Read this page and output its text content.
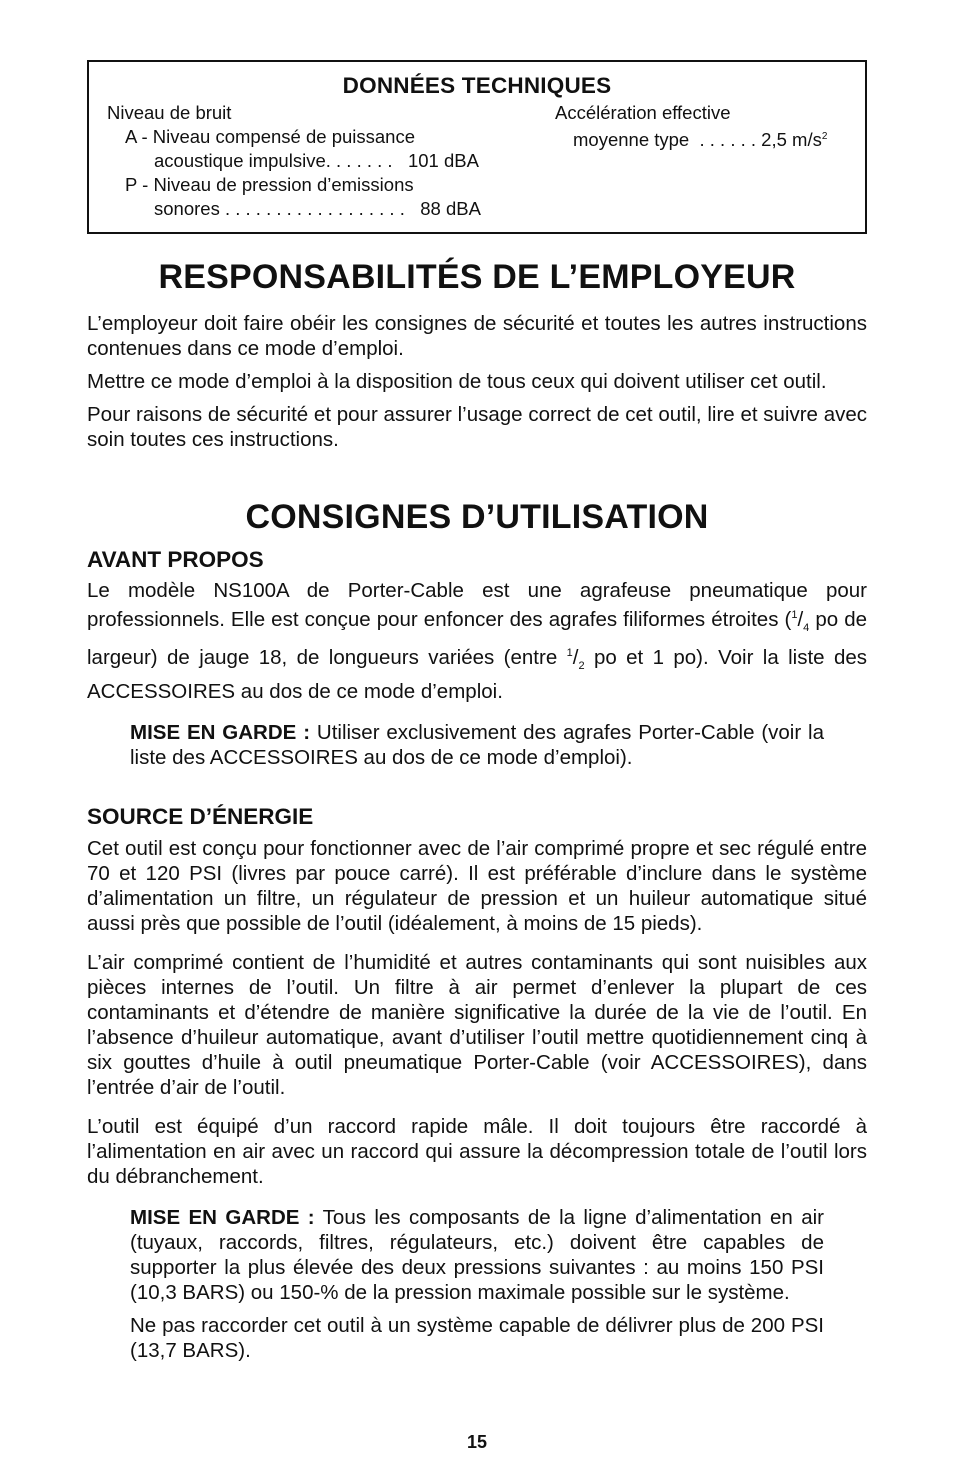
DONNÉES TECHNIQUES
Niveau de bruit
A - Niveau compensé de puissance
acoustique impulsive. . . . . . .   101 dBA
P - Niveau de pression d’emissions
sonores . . . . . . . . . . . . . . . . . .   88 dBA
Accélération effective
moyenne type  . . . . . . 2,5 $m/s^2$
RESPONSABILITÉS DE L’EMPLOYEUR

L’employeur doit faire obéir les consignes de sécurité et toutes les autres instructions contenues dans ce mode d’emploi.

Mettre ce mode d’emploi à la disposition de tous ceux qui doivent utiliser cet outil.

Pour raisons de sécurité et pour assurer l’usage correct de cet outil, lire et suivre avec soin toutes ces instructions.

CONSIGNES D’UTILISATION
AVANT PROPOS

Le modèle NS100A de Porter-Cable est une agrafeuse pneumatique pour professionnels. Elle est conçue pour enfoncer des agrafes filiformes étroites ($^1/_4$ po de largeur) de jauge 18, de longueurs variées (entre $^1/_2$ po et 1 po). Voir la liste des ACCESSOIRES au dos de ce mode d’emploi.

MISE EN GARDE : Utiliser exclusivement des agrafes Porter-Cable (voir la liste des ACCESSOIRES au dos de ce mode d’emploi).

SOURCE D’ÉNERGIE

Cet outil est conçu pour fonctionner avec de l’air comprimé propre et sec régulé entre 70 et 120 PSI (livres par pouce carré). Il est préférable d’inclure dans le système d’alimentation un filtre, un régulateur de pression et un huileur automatique situé aussi près que possible de l’outil (idéalement, à moins de 15 pieds).

L’air comprimé contient de l’humidité et autres contaminants qui sont nuisibles aux pièces internes de l’outil. Un filtre à air permet d’enlever la plupart de ces contaminants et d’étendre de manière significative la durée de la vie de l’outil. En l’absence d’huileur automatique, avant d’utiliser l’outil mettre quotidiennement cinq à six gouttes d’huile à outil pneumatique Porter-Cable (voir ACCESSOIRES), dans l’entrée d’air de l’outil.

L’outil est équipé d’un raccord rapide mâle. Il doit toujours être raccordé à l’alimentation en air avec un raccord qui assure la décompression totale de l’outil lors du débranchement.

MISE EN GARDE : Tous les composants de la ligne d’alimentation en air (tuyaux, raccords, filtres, régulateurs, etc.) doivent être capables de supporter la plus élevée des deux pressions suivantes : au moins 150 PSI (10,3 BARS) ou 150-% de la pression maximale possible sur le système.

Ne pas raccorder cet outil à un système capable de délivrer plus de 200 PSI (13,7 BARS).

15
